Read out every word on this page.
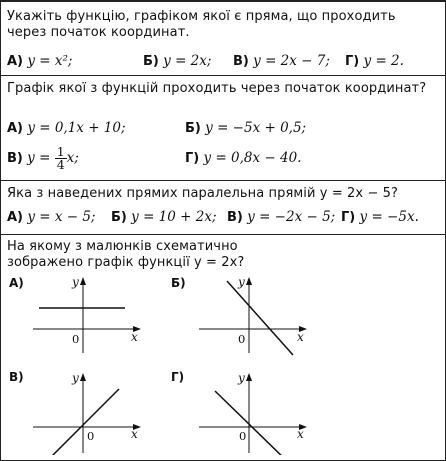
Укажіть функцію, графіком якої є пряма, що проходить через початок координат.
А) y = x²;	Б) y = 2x; В) y = 2x − 7; Г) y = 2.
Графік якої з функцій проходить через початок координат?
А) y = 0,1x + 10;	Б) y = −5x + 0,5;
В) $y = \frac{1}{4} x$;	Г) y = 0,8x − 40.
Яка з наведених прямих паралельна прямій y = 2x − 5?
А) y = x − 5; Б) y = 10 + 2x; В) y = −2x − 5; Г) y = −5x.
На якому з малюнків схематично
зображено графік функції y = 2x?
А)	y
x
0
Б)	y
x
0
В)	y
x
0
Г)	y
x
0
